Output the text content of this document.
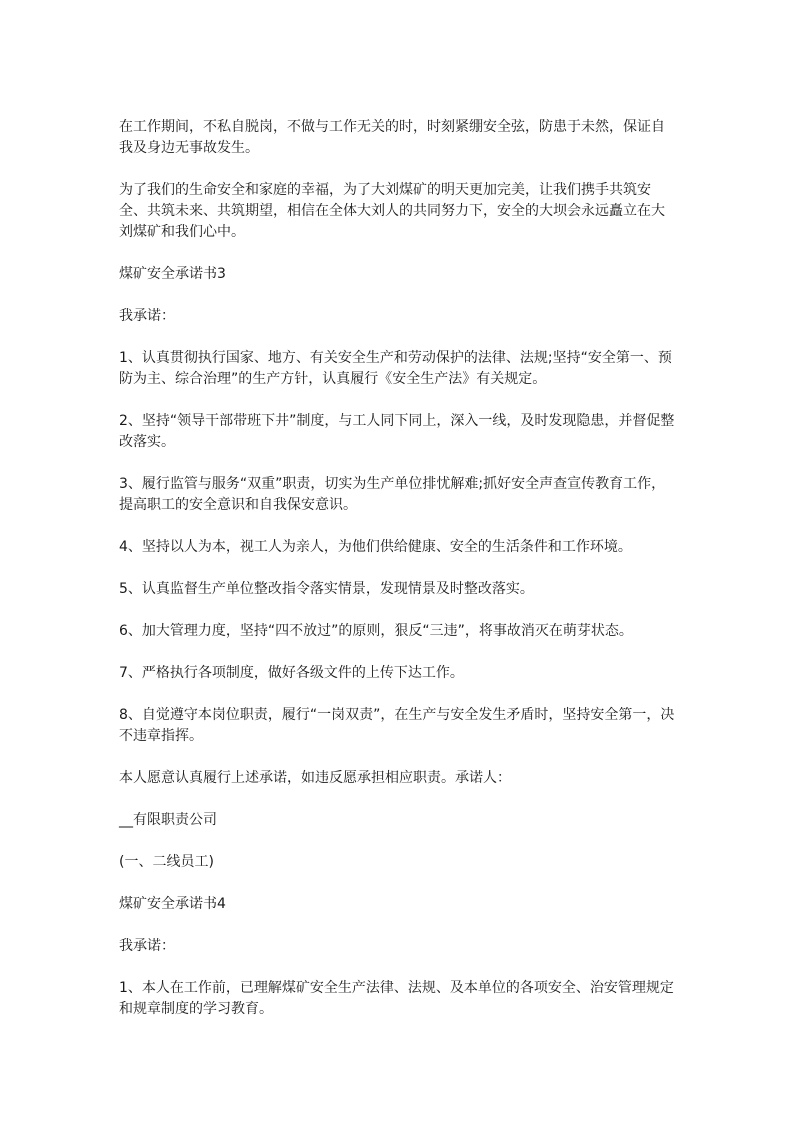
在工作期间，不私自脱岗，不做与工作无关的时，时刻紧绷安全弦，防患于未然，保证自我及身边无事故发生。

为了我们的生命安全和家庭的幸福，为了大刘煤矿的明天更加完美，让我们携手共筑安全、共筑未来、共筑期望，相信在全体大刘人的共同努力下，安全的大坝会永远矗立在大刘煤矿和我们心中。

煤矿安全承诺书3

我承诺：

1、认真贯彻执行国家、地方、有关安全生产和劳动保护的法律、法规;坚持“安全第一、预防为主、综合治理”的生产方针，认真履行《安全生产法》有关规定。

2、坚持“领导干部带班下井”制度，与工人同下同上，深入一线，及时发现隐患，并督促整改落实。

3、履行监管与服务“双重”职责，切实为生产单位排忧解难;抓好安全声查宣传教育工作，提高职工的安全意识和自我保安意识。

4、坚持以人为本，视工人为亲人，为他们供给健康、安全的生活条件和工作环境。

5、认真监督生产单位整改指令落实情景，发现情景及时整改落实。

6、加大管理力度，坚持“四不放过”的原则，狠反“三违”，将事故消灭在萌芽状态。

7、严格执行各项制度，做好各级文件的上传下达工作。

8、自觉遵守本岗位职责，履行“一岗双责”，在生产与安全发生矛盾时，坚持安全第一，决不违章指挥。

本人愿意认真履行上述承诺，如违反愿承担相应职责。承诺人：

__有限职责公司

(一、二线员工)

煤矿安全承诺书4

我承诺：

1、本人在工作前，已理解煤矿安全生产法律、法规、及本单位的各项安全、治安管理规定和规章制度的学习教育。
